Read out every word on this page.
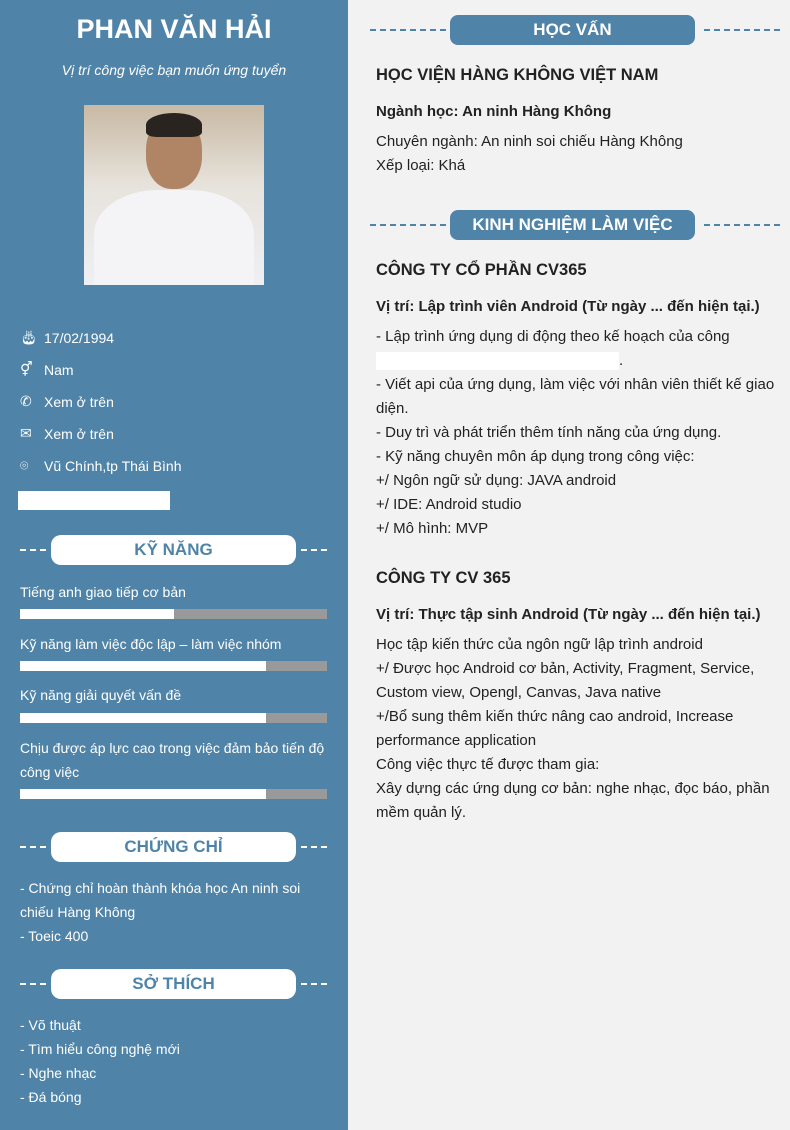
PHAN VĂN HẢI
Vị trí công việc bạn muốn ứng tuyển
🎂︎ 17/02/1994
⚥ Nam
✆ Xem ở trên
✉ Xem ở trên
⌾	Vũ Chính,tp Thái Bình
KỸ NĂNG
Tiếng anh giao tiếp cơ bản
Kỹ năng làm việc độc lập – làm việc nhóm
Kỹ năng giải quyết vấn đề
Chịu được áp lực cao trong việc đảm bảo tiến độ công việc
CHỨNG CHỈ
- Chứng chỉ hoàn thành khóa học An ninh soi chiếu Hàng Không
- Toeic 400
SỞ THÍCH
- Võ thuật
- Tìm hiểu công nghệ mới
- Nghe nhạc
- Đá bóng
HỌC VẤN
HỌC VIỆN HÀNG KHÔNG VIỆT NAM
Ngành học: An ninh Hàng Không
Chuyên ngành: An ninh soi chiếu Hàng Không
Xếp loại: Khá
KINH NGHIỆM LÀM VIỆC
CÔNG TY CỔ PHẦN CV365
Vị trí: Lập trình viên Android (Từ ngày ... đến hiện tại.)
- Lập trình ứng dụng di động theo kế hoạch của công
.
- Viết api của ứng dụng, làm việc với nhân viên thiết kế giao diện.
- Duy trì và phát triển thêm tính năng của ứng dụng.
- Kỹ năng chuyên môn áp dụng trong công việc:
+/ Ngôn ngữ sử dụng: JAVA android
+/ IDE: Android studio
+/ Mô hình: MVP
CÔNG TY CV 365
Vị trí: Thực tập sinh Android (Từ ngày ... đến hiện tại.)
Học tập kiến thức của ngôn ngữ lập trình android
+/ Được học Android cơ bản, Activity, Fragment, Service, Custom view, Opengl, Canvas, Java native
+/Bổ sung thêm kiến thức nâng cao android, Increase performance application
Công việc thực tế được tham gia:
Xây dựng các ứng dụng cơ bản: nghe nhạc, đọc báo, phần mềm quản lý.
